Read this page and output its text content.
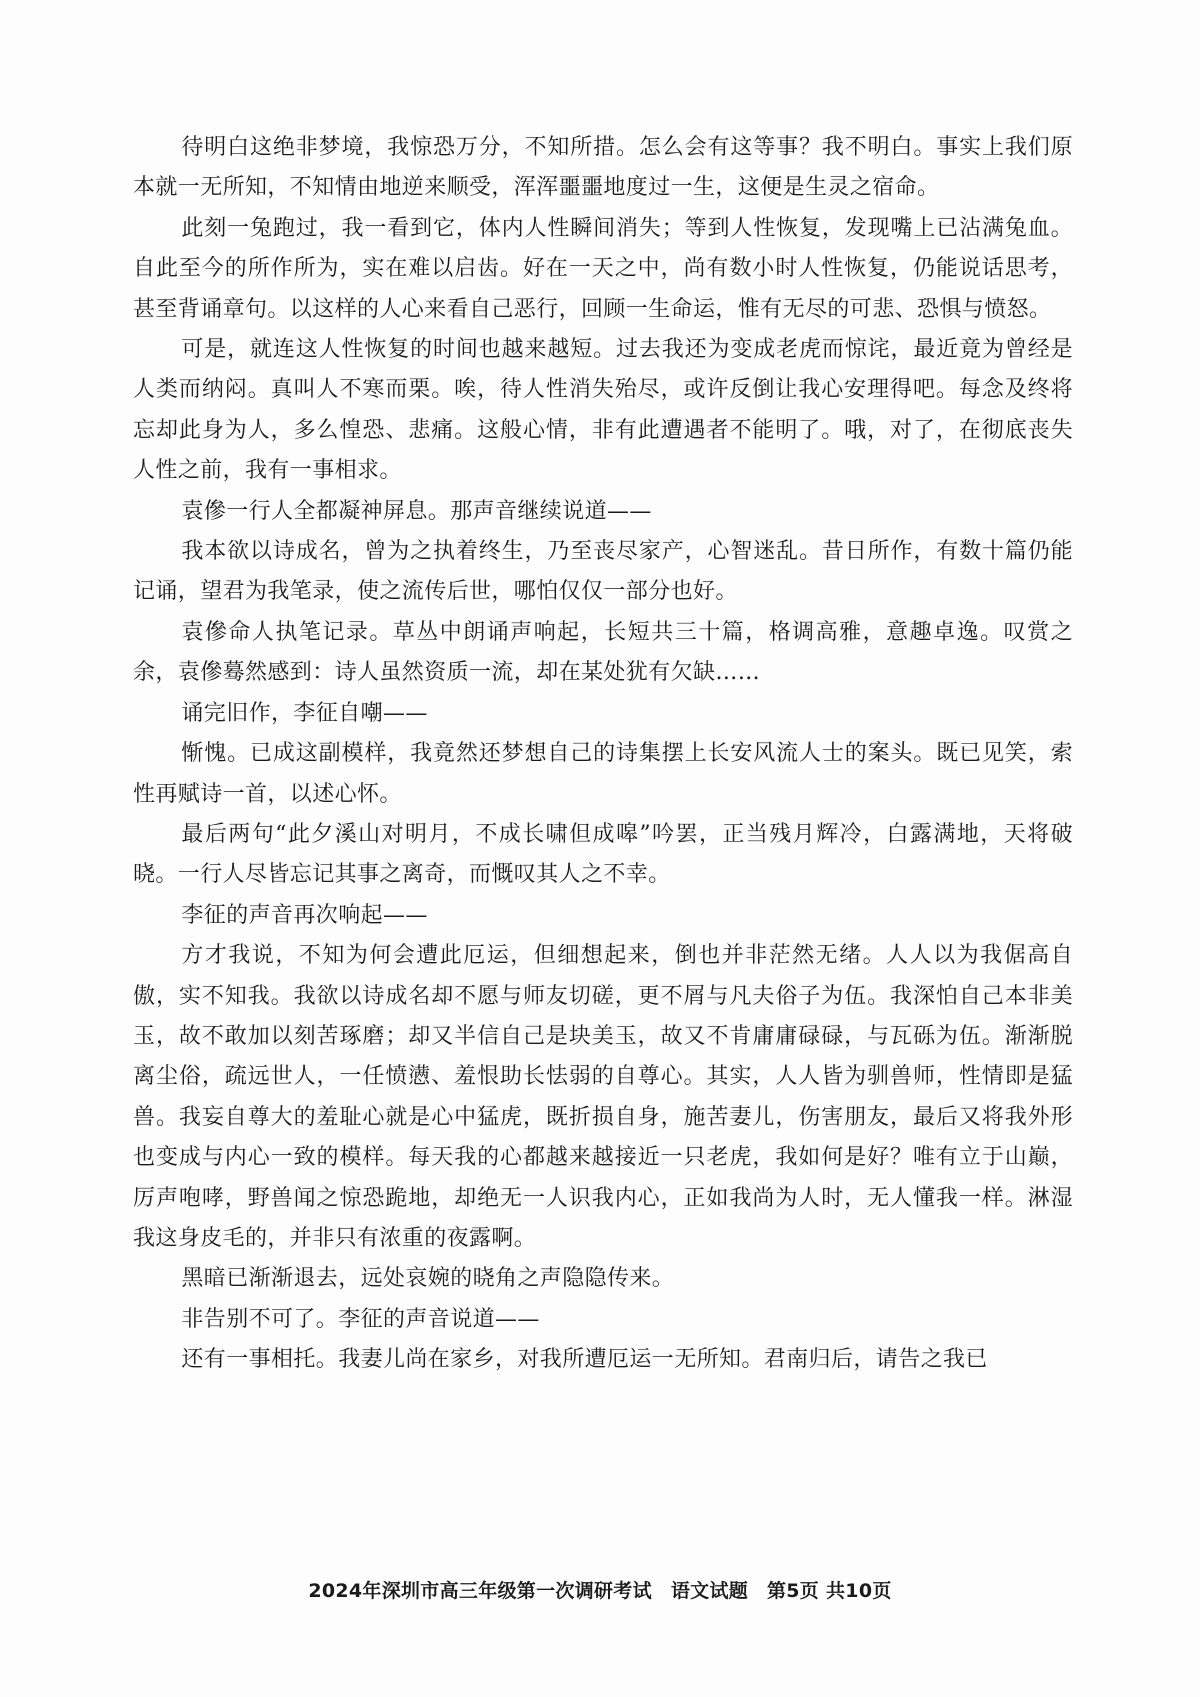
待明白这绝非梦境，我惊恐万分，不知所措。怎么会有这等事？我不明白。事实上我们原本就一无所知，不知情由地逆来顺受，浑浑噩噩地度过一生，这便是生灵之宿命。

此刻一兔跑过，我一看到它，体内人性瞬间消失；等到人性恢复，发现嘴上已沾满兔血。自此至今的所作所为，实在难以启齿。好在一天之中，尚有数小时人性恢复，仍能说话思考，甚至背诵章句。以这样的人心来看自己恶行，回顾一生命运，惟有无尽的可悲、恐惧与愤怒。

可是，就连这人性恢复的时间也越来越短。过去我还为变成老虎而惊诧，最近竟为曾经是人类而纳闷。真叫人不寒而栗。唉，待人性消失殆尽，或许反倒让我心安理得吧。每念及终将忘却此身为人，多么惶恐、悲痛。这般心情，非有此遭遇者不能明了。哦，对了，在彻底丧失人性之前，我有一事相求。

袁傪一行人全都凝神屏息。那声音继续说道——

我本欲以诗成名，曾为之执着终生，乃至丧尽家产，心智迷乱。昔日所作，有数十篇仍能记诵，望君为我笔录，使之流传后世，哪怕仅仅一部分也好。

袁傪命人执笔记录。草丛中朗诵声响起，长短共三十篇，格调高雅，意趣卓逸。叹赏之余，袁傪蓦然感到：诗人虽然资质一流，却在某处犹有欠缺……

诵完旧作，李征自嘲——

惭愧。已成这副模样，我竟然还梦想自己的诗集摆上长安风流人士的案头。既已见笑，索性再赋诗一首，以述心怀。

最后两句“此夕溪山对明月，不成长啸但成嗥”吟罢，正当残月辉冷，白露满地，天将破晓。一行人尽皆忘记其事之离奇，而慨叹其人之不幸。

李征的声音再次响起——

方才我说，不知为何会遭此厄运，但细想起来，倒也并非茫然无绪。人人以为我倨高自傲，实不知我。我欲以诗成名却不愿与师友切磋，更不屑与凡夫俗子为伍。我深怕自己本非美玉，故不敢加以刻苦琢磨；却又半信自己是块美玉，故又不肯庸庸碌碌，与瓦砾为伍。渐渐脱离尘俗，疏远世人，一任愤懑、羞恨助长怯弱的自尊心。其实，人人皆为驯兽师，性情即是猛兽。我妄自尊大的羞耻心就是心中猛虎，既折损自身，施苦妻儿，伤害朋友，最后又将我外形也变成与内心一致的模样。每天我的心都越来越接近一只老虎，我如何是好？唯有立于山巅，厉声咆哮，野兽闻之惊恐跪地，却绝无一人识我内心，正如我尚为人时，无人懂我一样。淋湿我这身皮毛的，并非只有浓重的夜露啊。

黑暗已渐渐退去，远处哀婉的晓角之声隐隐传来。

非告别不可了。李征的声音说道——

还有一事相托。我妻儿尚在家乡，对我所遭厄运一无所知。君南归后，请告之我已

2024年深圳市高三年级第一次调研考试 语文试题 第5页 共10页
